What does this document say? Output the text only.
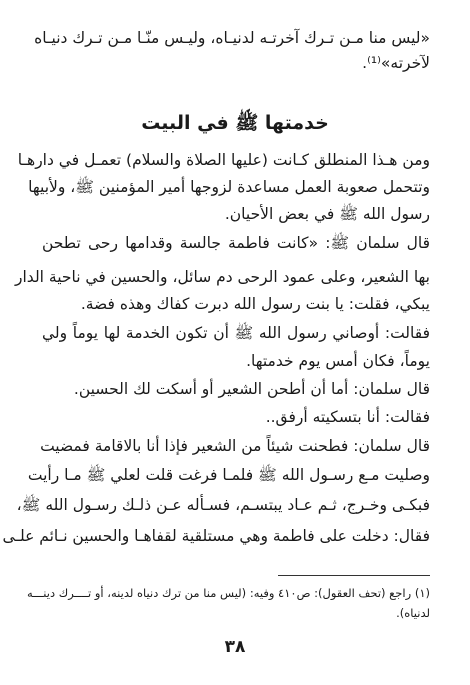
«ليس منا مـن تـرك آخرتـه لدنيـاه، وليـس منّـا مـن تـرك دنيـاه
لآخرته»⁽¹⁾.
خدمتها ﷺ في البيت
ومن هـذا المنطلق كـانت (عليها الصلاة والسلام) تعمـل في دارهـا
وتتحمل صعوبة العمل مساعدة لزوجها أمير المؤمنين ﷺ، ولأبيها
رسول الله ﷺ في بعض الأحيان.
قال سلمان ﷺ: «كانت فاطمة جالسة وقدامها رحى تطحن
بها الشعير، وعلى عمود الرحى دم سائل، والحسين في ناحية الدار
يبكي، فقلت: يا بنت رسول الله دبرت كفاك وهذه فضة.
فقالت: أوصاني رسول الله ﷺ أن تكون الخدمة لها يوماً ولي
يوماً، فكان أمس يوم خدمتها.
قال سلمان: أما أن أطحن الشعير أو أسكت لك الحسين.
فقالت: أنا بتسكيته أرفق..
قال سلمان: فطحنت شيئاً من الشعير فإذا أنا بالاقامة فمضيت
وصليت مـع رسـول الله ﷺ فلمـا فرغت قلت لعلي ﷺ مـا رأيت
فبكـى وخـرج، ثـم عـاد يبتسـم، فسـأله عـن ذلـك رسـول الله ﷺ،
فقال: دخلت على فاطمة وهي مستلقية لقفاهـا والحسين نـائم علـى
(١) راجع (تحف العقول): ص٤١٠ وفيه: (ليس منا من ترك دنياه لدينه، أو تــــرك دينـــه
لدنياه).
٣٨
